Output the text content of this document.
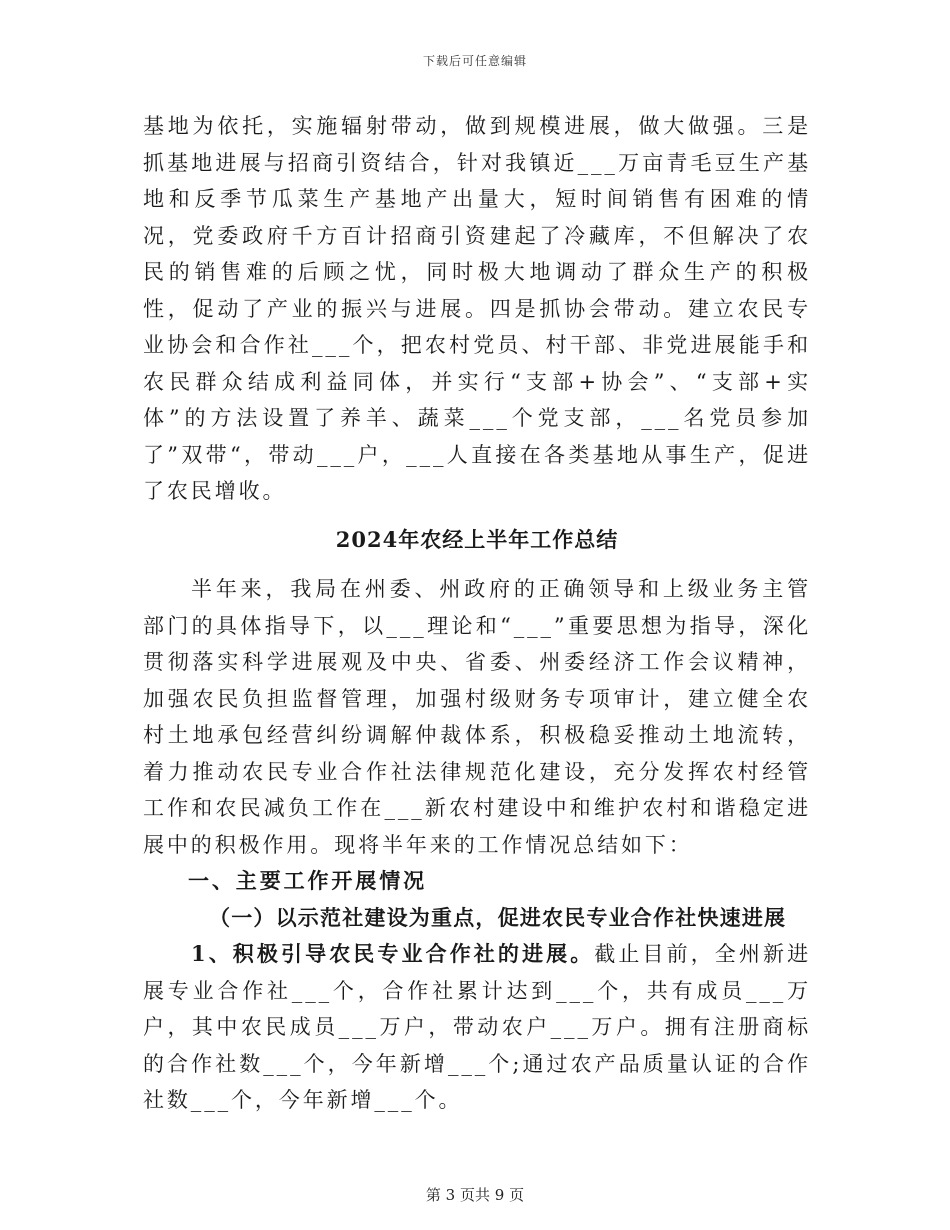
下载后可任意编辑

基地为依托，实施辐射带动，做到规模进展，做大做强。三是抓基地进展与招商引资结合，针对我镇近___万亩青毛豆生产基地和反季节瓜菜生产基地产出量大，短时间销售有困难的情况，党委政府千方百计招商引资建起了冷藏库，不但解决了农民的销售难的后顾之忧，同时极大地调动了群众生产的积极性，促动了产业的振兴与进展。四是抓协会带动。建立农民专业协会和合作社___个，把农村党员、村干部、非党进展能手和农民群众结成利益同体，并实行“支部+协会”、“支部+实体”的方法设置了养羊、蔬菜___个党支部，___名党员参加了”双带“，带动___户，___人直接在各类基地从事生产，促进了农民增收。

2024年农经上半年工作总结

半年来，我局在州委、州政府的正确领导和上级业务主管部门的具体指导下，以___理论和“___”重要思想为指导，深化贯彻落实科学进展观及中央、省委、州委经济工作会议精神，加强农民负担监督管理，加强村级财务专项审计，建立健全农村土地承包经营纠纷调解仲裁体系，积极稳妥推动土地流转，着力推动农民专业合作社法律规范化建设，充分发挥农村经管工作和农民减负工作在___新农村建设中和维护农村和谐稳定进展中的积极作用。现将半年来的工作情况总结如下：

一、主要工作开展情况

（一）以示范社建设为重点，促进农民专业合作社快速进展

1、积极引导农民专业合作社的进展。截止目前，全州新进展专业合作社___个，合作社累计达到___个，共有成员___万户，其中农民成员___万户，带动农户___万户。拥有注册商标的合作社数___个，今年新增___个;通过农产品质量认证的合作社数___个，今年新增___个。

第 3 页共 9 页
